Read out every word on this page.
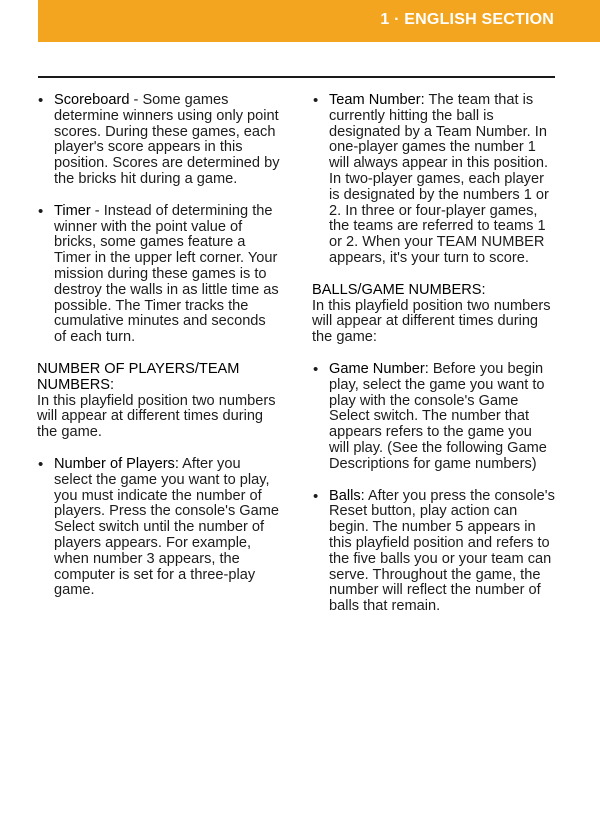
1 · ENGLISH SECTION
• Scoreboard - Some games determine winners using only point scores. During these games, each player's score appears in this position. Scores are determined by the bricks hit during a game.
• Timer - Instead of determining the winner with the point value of bricks, some games feature a Timer in the upper left corner. Your mission during these games is to destroy the walls in as little time as possible. The Timer tracks the cumulative minutes and seconds of each turn.
NUMBER OF PLAYERS/TEAM NUMBERS:

In this playfield position two numbers will appear at different times during the game.

• Number of Players: After you select the game you want to play, you must indicate the number of players. Press the console's Game Select switch until the number of players appears. For example, when number 3 appears, the computer is set for a three-play game.
• Team Number: The team that is currently hitting the ball is designated by a Team Number. In one-player games the number 1 will always appear in this position. In two-player games, each player is designated by the numbers 1 or 2. In three or four-player games, the teams are referred to teams 1 or 2. When your TEAM NUMBER appears, it's your turn to score.
BALLS/GAME NUMBERS:

In this playfield position two numbers will appear at different times during the game:

• Game Number: Before you begin play, select the game you want to play with the console's Game Select switch. The number that appears refers to the game you will play. (See the following Game Descriptions for game numbers)
• Balls: After you press the console's Reset button, play action can begin. The number 5 appears in this playfield position and refers to the five balls you or your team can serve. Throughout the game, the number will reflect the number of balls that remain.
